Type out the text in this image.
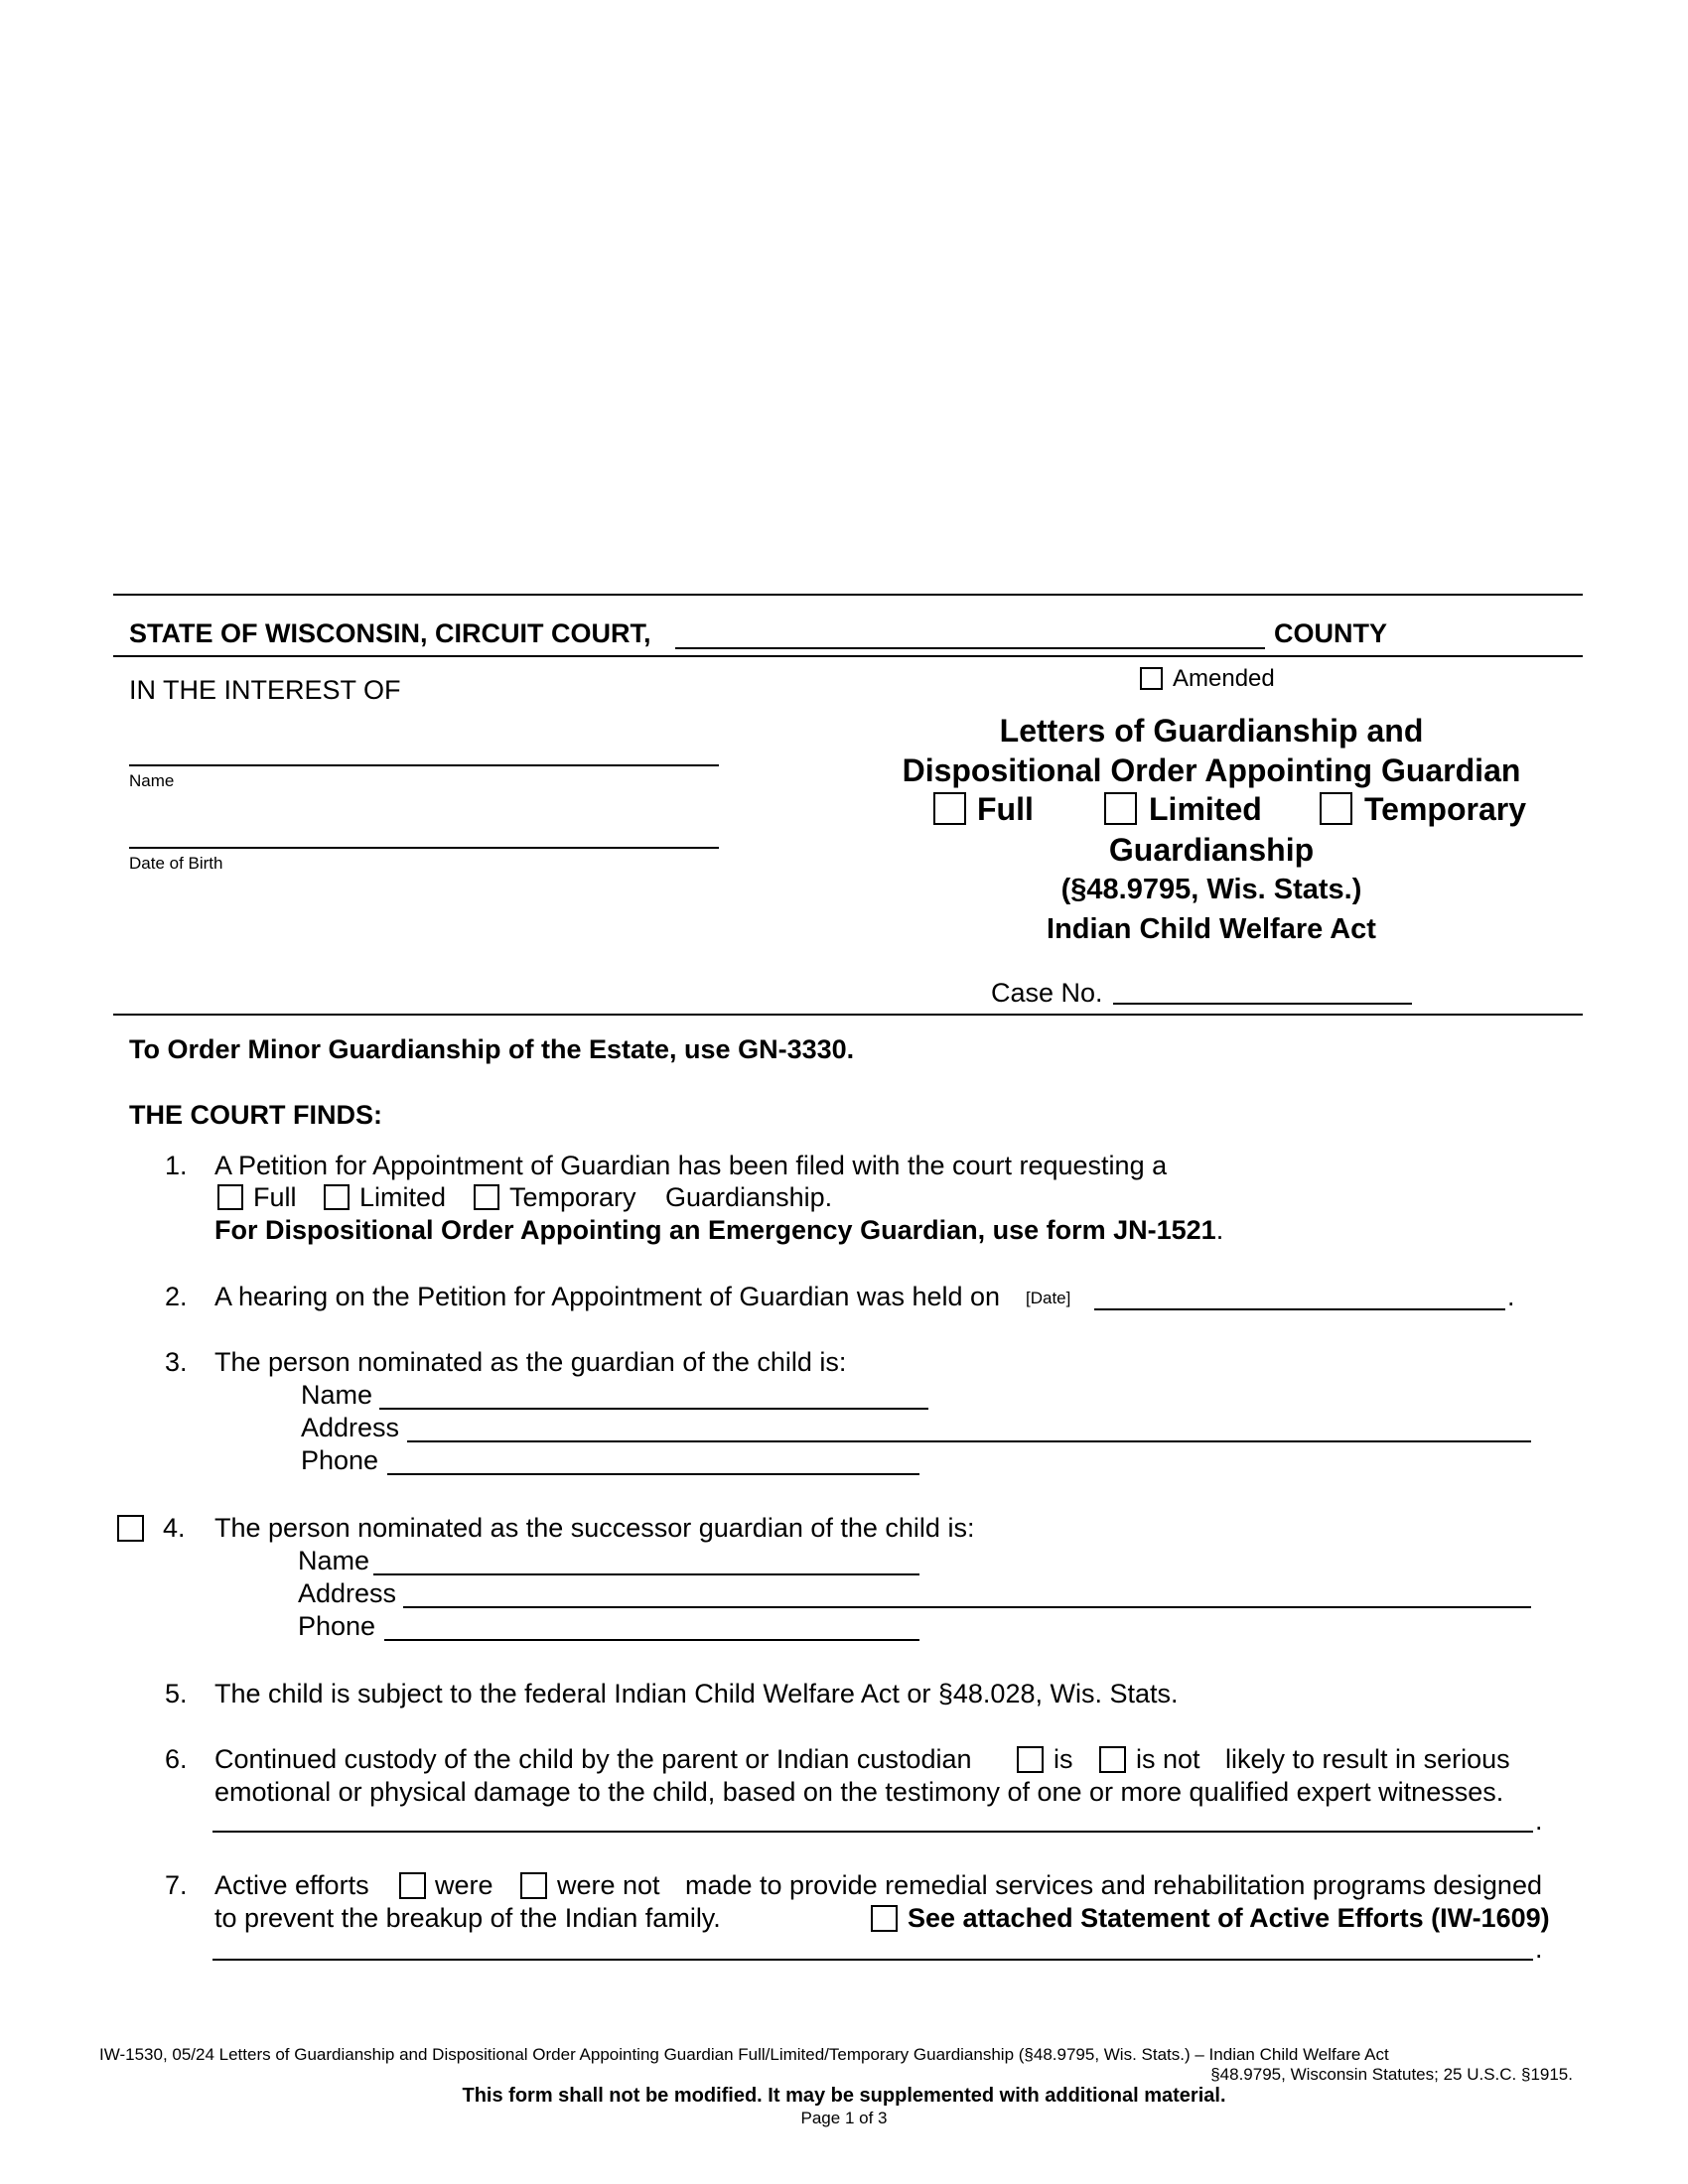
STATE OF WISCONSIN, CIRCUIT COURT,	COUNTY
IN THE INTEREST OF
Name
Date of Birth
Amended
Letters of Guardianship and
Dispositional Order Appointing Guardian
Full	Limited	Temporary
Guardianship
(§48.9795, Wis. Stats.)
Indian Child Welfare Act
Case No.
To Order Minor Guardianship of the Estate, use GN-3330.
THE COURT FINDS:
1. A Petition for Appointment of Guardian has been filed with the court requesting a
Full Limited Temporary Guardianship.
For Dispositional Order Appointing an Emergency Guardian, use form JN-1521.
2. A hearing on the Petition for Appointment of Guardian was held on [Date]	.
3. The person nominated as the guardian of the child is:
Name
Address
Phone
4. The person nominated as the successor guardian of the child is:
Name
Address
Phone
5. The child is subject to the federal Indian Child Welfare Act or §48.028, Wis. Stats.
6. Continued custody of the child by the parent or Indian custodian	is is not likely to result in serious
emotional or physical damage to the child, based on the testimony of one or more qualified expert witnesses.
.
7. Active efforts were were not made to provide remedial services and rehabilitation programs designed
to prevent the breakup of the Indian family.	See attached Statement of Active Efforts (IW-1609)
.
IW-1530, 05/24 Letters of Guardianship and Dispositional Order Appointing Guardian Full/Limited/Temporary Guardianship (§48.9795, Wis. Stats.) – Indian Child Welfare Act
§48.9795, Wisconsin Statutes; 25 U.S.C. §1915.
This form shall not be modified. It may be supplemented with additional material.
Page 1 of 3
